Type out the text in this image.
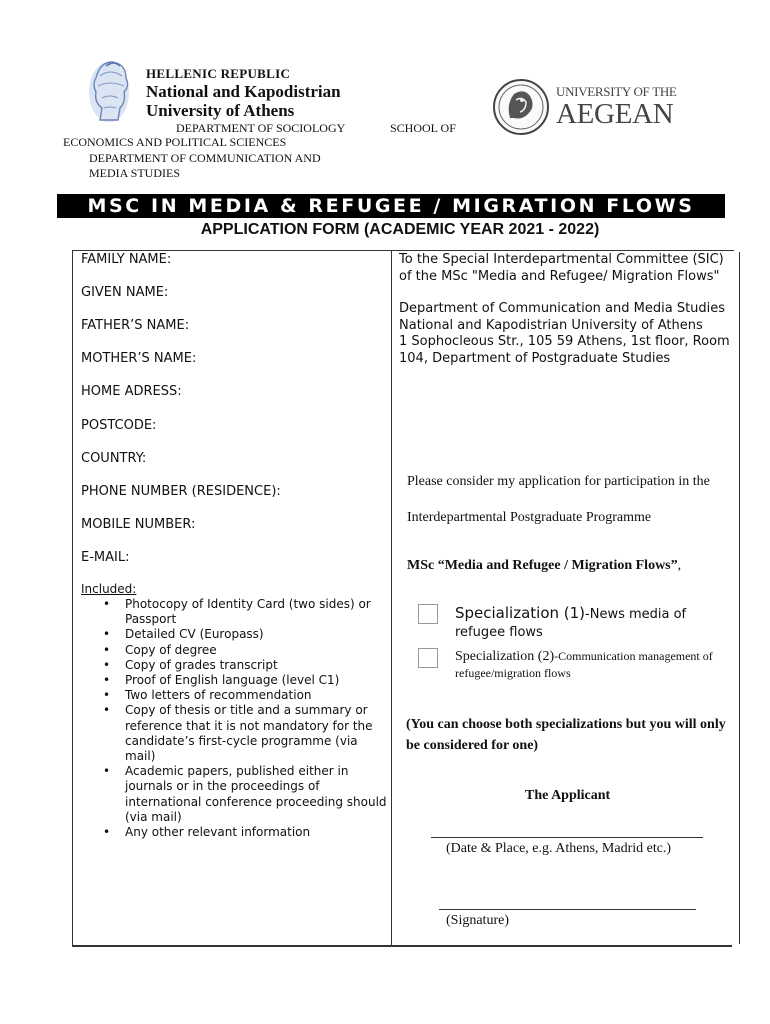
HELLENIC REPUBLIC
National and Kapodistrian
University of Athens
UNIVERSITY OF THE
AEGEAN
DEPARTMENT OF SOCIOLOGY	SCHOOL OF
ECONOMICS AND POLITICAL SCIENCES
DEPARTMENT OF COMMUNICATION AND
MEDIA STUDIES
MSC IN MEDIA & REFUGEE / MIGRATION FLOWS
APPLICATION FORM (ACADEMIC YEAR 2021 - 2022)
FAMILY NAME:
GIVEN NAME:
FATHER’S NAME:
MOTHER’S NAME:
HOME ADRESS:
POSTCODE:
COUNTRY:
PHONE NUMBER (RESIDENCE):
MOBILE NUMBER:
E-MAIL:
Included:
• Photocopy of Identity Card (two sides) or Passport
• Detailed CV (Europass)
• Copy of degree
• Copy of grades transcript
• Proof of English language (level C1)
• Two letters of recommendation
• Copy of thesis or title and a summary or reference that it is not mandatory for the candidate’s first-cycle programme (via mail)
• Academic papers, published either in journals or in the proceedings of international conference proceeding should (via mail)
• Any other relevant information

To the Special Interdepartmental Committee (SIC)

of the MSc "Media and Refugee/ Migration Flows"

Department of Communication and Media Studies

National and Kapodistrian University of Athens

1 Sophocleous Str., 105 59 Athens, 1st floor, Room 104, Department of Postgraduate Studies

Please consider my application for participation in the
Interdepartmental Postgraduate Programme
MSc “Media and Refugee / Migration Flows”,
Specialization (1)-News media of refugee flows
Specialization (2)-Communication management of refugee/migration flows
(You can choose both specializations but you will only be considered for one)
The Applicant
(Date & Place, e.g. Athens, Madrid etc.)
(Signature)
